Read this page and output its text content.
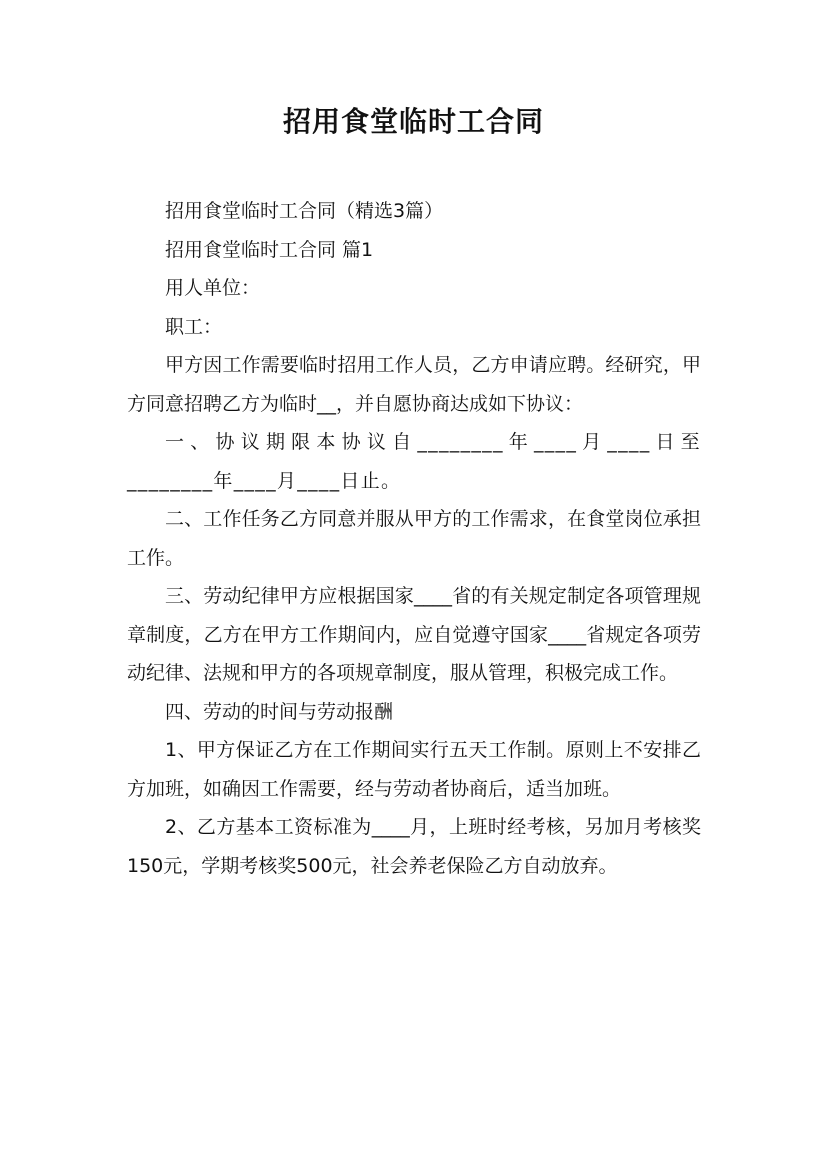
招用食堂临时工合同

招用食堂临时工合同（精选3篇）

招用食堂临时工合同 篇1

用人单位：

职工：

甲方因工作需要临时招用工作人员，乙方申请应聘。经研究，甲方同意招聘乙方为临时__，并自愿协商达成如下协议：

一、协议期限本协议自________年____月____日至________年____月____日止。

二、工作任务乙方同意并服从甲方的工作需求，在食堂岗位承担工作。

三、劳动纪律甲方应根据国家____省的有关规定制定各项管理规章制度，乙方在甲方工作期间内，应自觉遵守国家____省规定各项劳动纪律、法规和甲方的各项规章制度，服从管理，积极完成工作。

四、劳动的时间与劳动报酬

1、甲方保证乙方在工作期间实行五天工作制。原则上不安排乙方加班，如确因工作需要，经与劳动者协商后，适当加班。

2、乙方基本工资标准为____月，上班时经考核，另加月考核奖150元，学期考核奖500元，社会养老保险乙方自动放弃。
